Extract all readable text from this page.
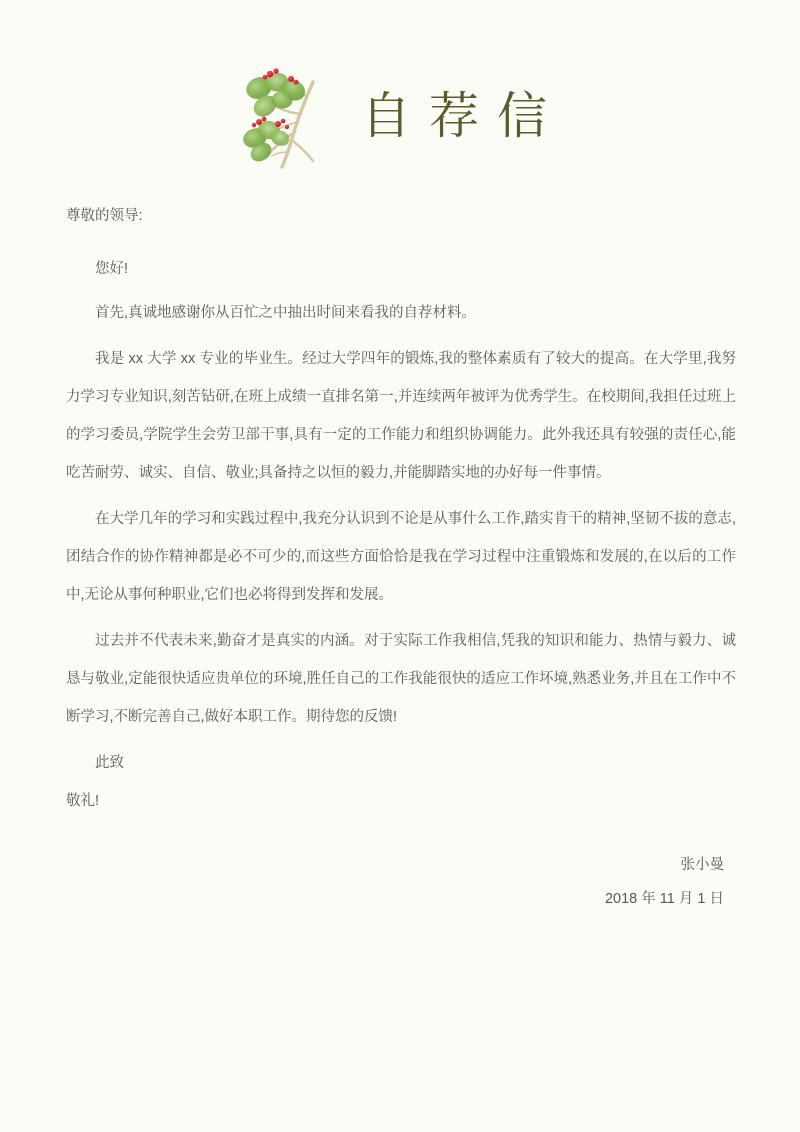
自荐信

尊敬的领导:

您好!

首先,真诚地感谢你从百忙之中抽出时间来看我的自荐材料。

我是 xx 大学 xx 专业的毕业生。经过大学四年的锻炼,我的整体素质有了较大的提高。在大学里,我努力学习专业知识,刻苦钻研,在班上成绩一直排名第一,并连续两年被评为优秀学生。在校期间,我担任过班上的学习委员,学院学生会劳卫部干事,具有一定的工作能力和组织协调能力。此外我还具有较强的责任心,能吃苦耐劳、诚实、自信、敬业;具备持之以恒的毅力,并能脚踏实地的办好每一件事情。

在大学几年的学习和实践过程中,我充分认识到不论是从事什么工作,踏实肯干的精神,坚韧不拔的意志,团结合作的协作精神都是必不可少的,而这些方面恰恰是我在学习过程中注重锻炼和发展的,在以后的工作中,无论从事何种职业,它们也必将得到发挥和发展。

过去并不代表未来,勤奋才是真实的内涵。对于实际工作我相信,凭我的知识和能力、热情与毅力、诚恳与敬业,定能很快适应贵单位的环境,胜任自己的工作我能很快的适应工作坏境,熟悉业务,并且在工作中不断学习,不断完善自己,做好本职工作。期待您的反馈!

此致

敬礼!

张小曼

2018 年 11 月 1 日
